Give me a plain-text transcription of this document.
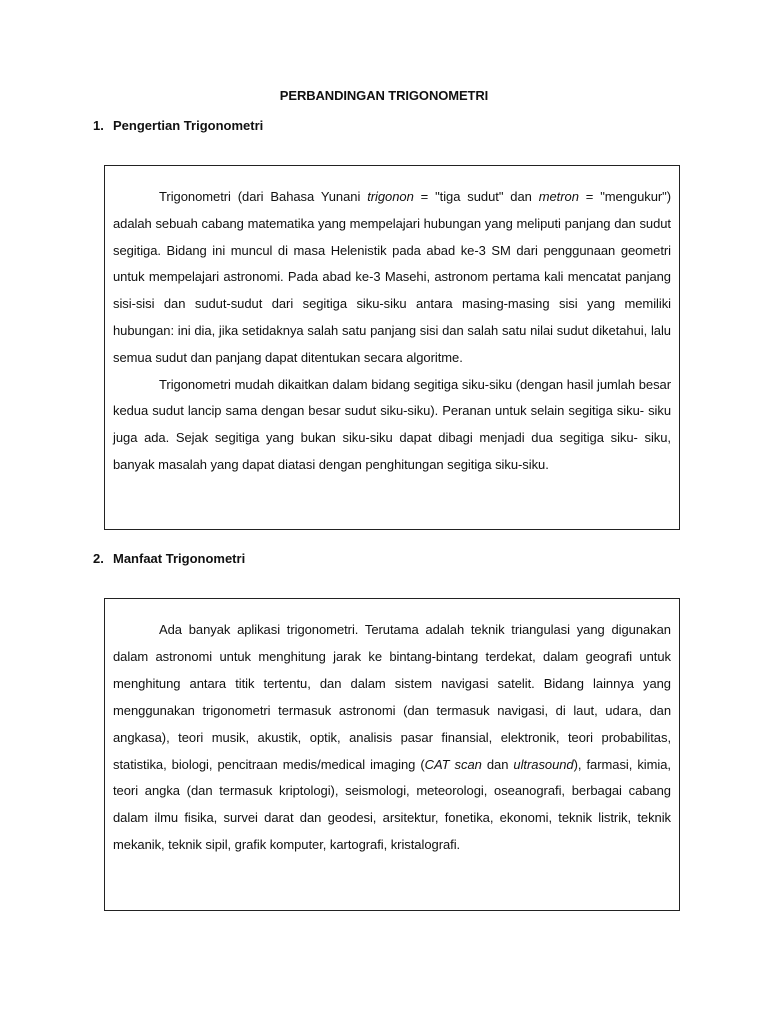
PERBANDINGAN TRIGONOMETRI
1. Pengertian Trigonometri

Trigonometri (dari Bahasa Yunani trigonon = "tiga sudut" dan metron = "mengukur") adalah sebuah cabang matematika yang mempelajari hubungan yang meliputi panjang dan sudut segitiga. Bidang ini muncul di masa Helenistik pada abad ke-3 SM dari penggunaan geometri untuk mempelajari astronomi. Pada abad ke-3 Masehi, astronom pertama kali mencatat panjang sisi-sisi dan sudut-sudut dari segitiga siku-siku antara masing-masing sisi yang memiliki hubungan: ini dia, jika setidaknya salah satu panjang sisi dan salah satu nilai sudut diketahui, lalu semua sudut dan panjang dapat ditentukan secara algoritme.

Trigonometri mudah dikaitkan dalam bidang segitiga siku-siku (dengan hasil jumlah besar kedua sudut lancip sama dengan besar sudut siku-siku). Peranan untuk selain segitiga siku- siku juga ada. Sejak segitiga yang bukan siku-siku dapat dibagi menjadi dua segitiga siku- siku, banyak masalah yang dapat diatasi dengan penghitungan segitiga siku-siku.

2. Manfaat Trigonometri

Ada banyak aplikasi trigonometri. Terutama adalah teknik triangulasi yang digunakan dalam astronomi untuk menghitung jarak ke bintang-bintang terdekat, dalam geografi untuk menghitung antara titik tertentu, dan dalam sistem navigasi satelit. Bidang lainnya yang menggunakan trigonometri termasuk astronomi (dan termasuk navigasi, di laut, udara, dan angkasa), teori musik, akustik, optik, analisis pasar finansial, elektronik, teori probabilitas, statistika, biologi, pencitraan medis/medical imaging (CAT scan dan ultrasound), farmasi, kimia, teori angka (dan termasuk kriptologi), seismologi, meteorologi, oseanografi, berbagai cabang dalam ilmu fisika, survei darat dan geodesi, arsitektur, fonetika, ekonomi, teknik listrik, teknik mekanik, teknik sipil, grafik komputer, kartografi, kristalografi.
